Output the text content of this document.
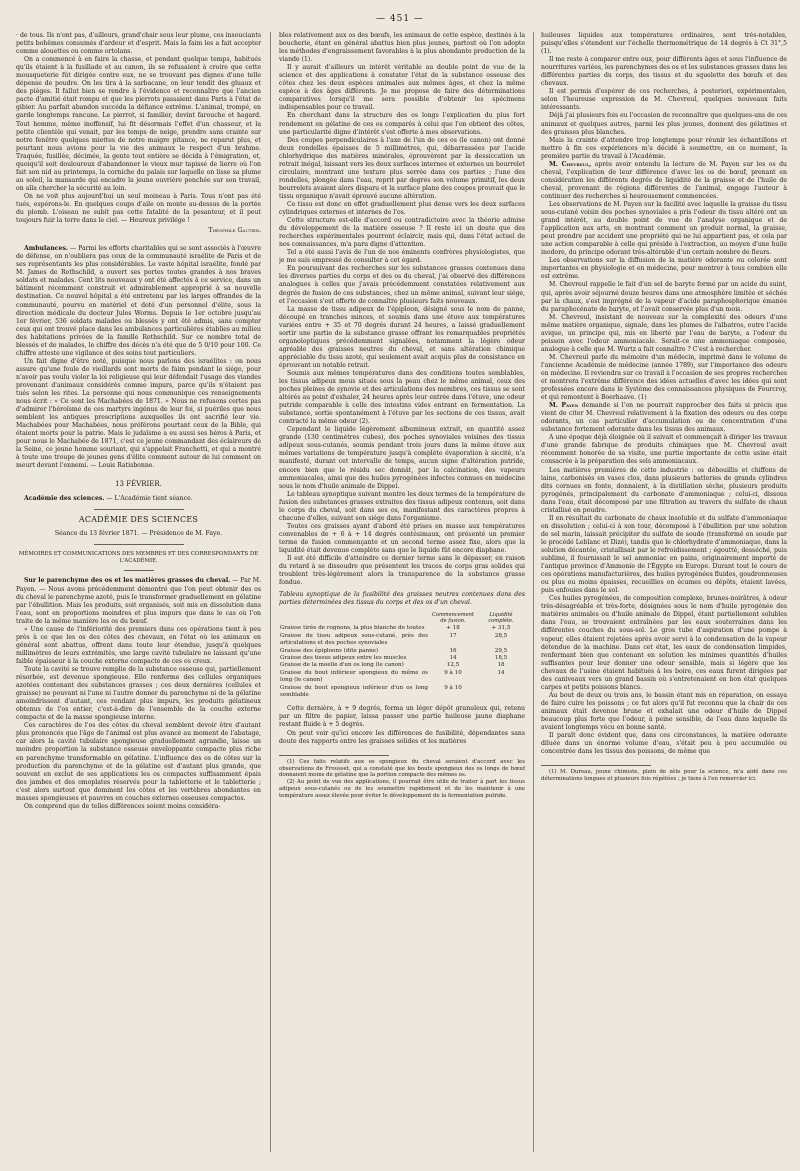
— 451 —

· de tous. Ils n'ont pas, d'ailleurs, grand'chair sous leur plume, ces insouciants petits bohêmes consumés d'ardeur et d'esprit. Mais la faim les a fait accepter comme alouettes ou comme ortolans.

On a commencé à en faire la chasse, et pendant quelque temps, habitués qu'ils étaient à la fusillade et au canon, ils se refusaient à croire que cette mousqueterie fût dirigée contre eux, ne se trouvant pas dignes d'une telle dépense de poudre. On les tira à la sarbacane, on leur tendit des gluaux et des piéges. Il fallut bien se rendre à l'évidence et reconnaître que l'ancien pacte d'amitié était rompu et que les pierrots passaient dans Paris à l'état de gibier. Au parfait abandon succéda la défiance extrême. L'animal, trompé, en garde longtemps rancune. Le pierrot, si familier, devint farouche et hagard. Tout homme, même inoffensif, lui fit désormais l'effet d'un chasseur, et la petite clientèle qui venait, par les temps de neige, prendre sans crainte sur notre fenêtre quelques miettes de notre maigre pitance, ne reparut plus, et pourtant nous avions pour la vie des animaux le respect d'un brahme. Traquée, fusillée, décimée, la gente tout entière se décida à l'émigration, et, quoiqu'il soit douloureux d'abandonner le vieux mur tapissé de lierre où l'on fait son nid au printemps, la corniche du palais sur laquelle on lisse sa plume au soleil, la mansarde qui encadre la jeune ouvrière penchée sur son travail, on alla chercher la sécurité au loin.

On ne voit plus aujourd'hui un seul moineau à Paris. Tous n'ont pas été tués, espérons-le. En quelques coups d'aile on monte au-dessus de la portée du plomb. L'oiseau ne subit pas cette fatalité de la pesanteur, et il peut toujours fuir la terre dans le ciel. — Heureux privilége !

Théophile Gautier.

Ambulances. — Parmi les efforts charitables qui se sont associés à l'œuvre de défense, on n'oubliera pas ceux de la communauté israélite de Paris et de ses représentants les plus considérables. Le vaste hôpital israélite, fondé par M. James de Rothschild, a ouvert ses portes toutes grandes à nos braves soldats et malades. Cent lits nouveaux y ont été affectés à ce service, dans un bâtiment récemment construit et admirablement approprié à sa nouvelle destination. Ce nouvel hôpital a été entretenu par les larges offrandes de la communauté, pourvu en matériel et doté d'un personnel d'élite, sous la direction médicale du docteur Jules Worms. Depuis le 1er octobre jusqu'au 1er février, 536 soldats malades ou blessés y ont été admis, sans compter ceux qui ont trouvé place dans les ambulances particulières établies au milieu des habitations privées de la famille Rothschild. Sur ce nombre total de blessés et de malades, le chiffre des décès n'a été que de 5 0/10 pour 100. Ce chiffre atteste une vigilance et des soins tout particuliers.

Un fait digne d'être noté, puisque nous parlons des israélites : on nous assure qu'une foule de vieillards sont morts de faim pendant le siége, pour n'avoir pas voulu violer la loi religieuse qui leur défendait l'usage des viandes provenant d'animaux considérés comme impurs, parce qu'ils n'étaient pas tués selon les rites. La personne qui nous communique ces renseignements nous écrit : « Ce sont les Machabées de 1871. » Nous ne refusons certes pas d'admirer l'héroïsme de ces martyrs ingénus de leur foi, si puériles que nous semblent les antiques prescriptions auxquelles ils ont sacrifié leur vie. Machabées pour Machabées, nous préférons pourtant ceux de la Bible, qui étaient morts pour la patrie. Mais le judaïsme a eu aussi ses héros à Paris, et pour nous le Machabée de 1871, c'est ce jeune commandant des éclaireurs de la Seine, ce jeune homme souriant, qui s'appelait Franchetti, et qui a montré à toute une troupe de jeunes gens d'élite comment autour de lui comment on meurt devant l'ennemi. — Louis Ratisbonne.

13 FÉVRIER.

Académie des sciences. — L'Académie tient séance.

ACADÉMIE DES SCIENCES

Séance du 13 février 1871. — Présidence de M. Faye.

MÉMOIRES ET COMMUNICATIONS DES MEMBRES ET DES CORRESPONDANTS DE L'ACADÉMIE.

Sur le parenchyme des os et les matières grasses du cheval. — Par M. Payen. — Nous avons précédemment démontré que l'on peut obtenir des os du cheval le parenchyme azoté, puis le transformer graduellement en gélatine par l'ébullition. Mais les produits, soit organisés, soit mis en dissolution dans l'eau, sont en proportions moindres et plus impurs que dans le cas où l'on traite de la même manière les os du bœuf.

« Une cause de l'infériorité des premiers dans ces opérations tient à peu près à ce que les os des côtes des chevaux, en l'état où les animaux en général sont abattus, offrent dans toute leur étendue, jusqu'à quelques millimètres de leurs extrémités, une large cavité tubulaire ne laissant qu'une faible épaisseur à la couche externe compacte de ces os creux.

Toute la cavité se trouve remplie de la substance osseuse qui, partiellement résorbée, est devenue spongieuse. Elle renferme des cellules organiques azotées contenant des substances grasses ; ces deux dernières (cellules et graisse) ne pouvant ni l'une ni l'autre donner du parenchyme ni de la gélatine amoindrissent d'autant, ces rendant plus impurs, les produits gélatineux obtenus de l'os entier, c'est-à-dire de l'ensemble de la couche externe compacte et de la masse spongieuse interne.

Ces caractères de l'os des côtes du cheval semblent devoir être d'autant plus prononcés que l'âge de l'animal est plus avancé au moment de l'abatage, car alors la cavité tubulaire spongieuse graduellement agrandie, laisse un moindre proportion la substance osseuse enveloppante compacte plus riche en parenchyme transformable en gélatine. L'influence des os de côtes sur la production du parenchyme et de la gélatine est d'autant plus grande, que souvent en exclut de ses applications les os compactes suffisamment épais des jambes et des omoplates réservés pour la tabletterie et le tabletterie ; c'est alors surtout que dominent les côtes et les vertèbres abondantes en masses spongieuses et pauvres en couches externes osseuses compactes.

On comprend que de telles différences soient moins considéra-

bles relativement aux os des bœufs, les animaux de cette espèce, destinés à la boucherie, étant en général abattus bien plus jeunes, partout où l'on adopte les méthodes d'engraissement favorables à la plus abondante production de la viande (1).

Il y aurait d'ailleurs un intérêt véritable au double point de vue de la science et des applications à constater l'état de la substance osseuse des côtes chez les deux espèces animales aux mêmes âges, et chez la même espèce à des âges différents. Je me propose de faire des déterminations comparatives lorsqu'il me sera possible d'obtenir les spécimens indispensables pour ce travail.

En cherchant dans la structure des os longs l'explication du plus fort rendement en gélatine de ces os comparés à celui que l'on obtient des côtes, une particularité digne d'intérêt s'est offerte à mes observations.

Des coupes perpendiculaires à l'axe de l'un de ces os (le canon) ont donné deux rondelles épaisses de 5 millimètres, qui, débarrassées par l'acide chlorhydrique des matières minérales, éprouvèrent par la dessiccation un retrait inégal, laissant vers les deux surfaces internes et externes un bourrelet circulaire, montrant une texture plus serrée dans ces parties ; l'une des rondelles, plongée dans l'eau, reprit par degrés son volume primitif, les deux bourrelets avaient alors disparu et la surface plane des coupes prouvait que le tissu organique n'avait éprouvé aucune altération.

Ce tissu est donc en effet graduellement plus dense vers les deux surfaces cylindriques externes et internes de l'os.

Cette structure est-elle d'accord ou contradictoire avec la théorie admise du développement de la matière osseuse ? Il reste ici un doute que des recherches expérimentales pourront éclaircir, mais qui, dans l'état actuel de nos connaissances, m'a paru digne d'attention.

Tel a été aussi l'avis de l'un de nos éminents confrères physiologistes, que je me suis empressé de consulter à cet égard.

En poursuivant des recherches sur les substances grasses contenues dans les diverses parties du corps et des os du cheval, j'ai observé des différences analogues à celles que j'avais précédemment constatées relativement aux degrés de fusion de ces substances, chez un même animal, suivant leur siége, et l'occasion s'est offerte de connaître plusieurs faits nouveaux.

La masse de tissu adipeux de l'épiploon, désigné sous le nom de panne, découpé en tranches minces, et soumis dans une étuve aux températures variées entre + 35 et 70 degrés durant 24 heures, a laissé graduellement sortir une partie de la substance grasse offrant les remarquables propriétés organoleptiques précédemment signalées, notamment la légère odeur agréable des graisses neutres du cheval, et sans altération chimique appréciable du tissu azoté, qui seulement avait acquis plus de consistance en éprouvant un notable retrait.

Soumis aux mêmes températures dans des conditions toutes semblables, les tissus adipeux mous situés sous la peau chez le même animal, ceux des poches pleines de synovie et des articulations des membres, ces tissus se sont altérés au point d'exhaler, 24 heures après leur entrée dans l'étuve, une odeur putride comparable à celle des intestins vides entrant en fermentation. La substance, sortie spontanément à l'étuve par les sections de ces tissus, avait contracté la même odeur (2).

Cependant le liquide légèrement albumineux extrait, en quantité assez grande (130 centimètres cubes), des poches synoviales voisines des tissus adipeux sous-cutanés, soumis pendant trois jours dans la même étuve aux mêmes variations de température jusqu'à complète évaporation à siccité, n'a manifesté, durant cet intervalle de temps, aucun signe d'altération putride, encore bien que le résidu sec donnât, par la calcination, des vapeurs ammoniacales, ainsi que des huiles pyrogénées infectes connues en médecine sous le nom d'huile animale de Dippel.

Le tableau synoptique suivant montre les deux termes de la température de fusion des substances grasses extraites des tissus adipeux contenus, soit dans le corps du cheval, soit dans ses os, manifestant des caractères propres à chacune d'elles, suivant son siége dans l'organisme.

Toutes ces graisses ayant d'abord été prises en masse aux températures convenables de + 6 à + 14 degrés centésimaux, ont présenté un premier terme de fusion commençante et un second terme assez fixe, alors que la liquidité était devenue complète sans que le liquide fût encore diaphane.

Il est été difficile d'atteindre ce dernier terme sans le dépasser, en raison du retard à se dissoudre que présentent les traces de corps gras solides qui troublent très-légèrement alors la transparence de la substance grasse fondue.

Tableau synoptique de la fusibilité des graisses neutres contenues dans des parties déterminées des tissus du corps et des os d'un cheval.

	Commencement de fusion.	Liquidité complète.
Graisse tirée de rognons, la plus blanche de toutes	+ 18	+ 31,5
Graisse du tissu adipeux sous-cutané, près des articulations et des poches synoviales	17	28,5
Graisse des épiploons (dite panne)	16	29,5
Graisse des tissus adipeux entre les muscles	14	18,5
Graisse de la moelle d'un os long (le canon)	12,5	18
Graisse du bout inférieur spongieux du même os long (le canon)	9 à 10	14
Graisse du bout spongieux inférieur d'un os long semblable	9 à 10	

Cette dernière, à + 9 degrés, forma un léger dépôt granuleux qui, retenu par un filtre de papier, laissa passer une partie huileuse jaune diaphane restant fluide à + 5 degrés.

On peut voir qu'ici encore les différences de fusibilité, dépendantes sans doute des rapports entre les graisses solides et les matières

(1) Ces faits relatifs aux os spongieux du cheval seraient d'accord avec les observations de Frousset, qui a constaté que les bouts spongieux des os longs de bœuf donnaient moins de gélatine que la portion compacte des mêmes os.

(2) Au point de vue des applications, il pourrait être utile de traiter à part les tissus adipeux sous-cutanés ou de les soumettre rapidement et de les maintenir à une température assez élevée pour éviter le développement de la fermentation putride.

huileuses liquides aux températures ordinaires, sont très-notables, puisqu'elles s'étendent sur l'échelle thermométrique de 14 degrés à Ct 31°,5 (1).

Il me reste à comparer entre eux, pour différents âges et sous l'influence de nourritures variées, les parenchymes des os et les substances grasses dans les différentes parties du corps, des tissus et du squelette des bœufs et des chevaux.

Il est permis d'espérer de ces recherches, à posteriori, expérimentales, selon l'heureuse expression de M. Chevreul, quelques nouveaux faits intéressants.

Déjà j'ai plusieurs fois eu l'occasion de reconnaître que quelques-uns de ces animaux et quelques autres, parmi les plus jeunes, donnent des gélatines et des graisses plus blanches.

Mais la crainte d'attendre trop longtemps pour réunir les échantillons et mettre à fin ces expériences m'a décidé à soumettre, en ce moment, la première partie du travail à l'Académie.

M. Chevreul, après avoir entendu la lecture de M. Payen sur les os du cheval, l'explication de leur différence d'avec les os de bœuf, prenant en considération les différents degrés de liquidité de la graisse et de l'huile de cheval, provenant de régions différentes de l'animal, engage l'auteur à continuer des recherches si heureusement commencées.

Les observations de M. Payen sur la facilité avec laquelle la graisse du tissu sous-cutané voisin des poches synoviales a pris l'odeur du tissu altéré ont un grand intérêt, au double point de vue de l'analyse organique et de l'application aux arts, en montrant comment un produit normal, la graisse, peut prendre par accident une propriété qui ne lui appartient pas, et cela par une action comparable à celle qui préside à l'extraction, au moyen d'une huile inodore, du principe odorant très-altérable d'un certain nombre de fleurs.

Les observations sur la diffusion de la matière odorante ou colorée sont importantes en physiologie et en médecine, pour montrer à tous combien elle est extrême.

M. Chevreul rappelle le fait d'un sel de baryte formé par un acide du suint, qui, après avoir séjourné douze heures dans une atmosphère limitée et séchée par la chaux, s'est imprégné de la vapeur d'acide paraphosphorique émanée du paraphocénate de baryte, et l'avait conservée plus d'un mois.

M. Chevreul, insistant de nouveau sur la complexité des odeurs d'une même matière organique, signale, dans les plumes de l'albatros, outre l'acide avique, un principe qui, mis en liberté par l'eau de baryte, a l'odeur du poisson avec l'odeur ammoniacale. Serait-ce une ammoniaque composée, analogue à celle que M. Wurtz a fait connaître ? C'est à rechercher.

M. Chevreul parle du mémoire d'un médecin, imprimé dans le volume de l'ancienne Académie de médecine (année 1789), sur l'importance des odeurs en médecine. Il reviendra sur ce travail à l'occasion de ses propres recherches et montrera l'extrême différence des idées actuelles d'avec les idées qui sont professées encore dans le Système des connaissances physiques de Fourcroy, et qui remontent à Boerhaave. (1)

M. Payen demande si l'on ne pourrait rapprocher des faits si précis que vient de citer M. Chevreul relativement à la fixation des odeurs ou des corps odorants, un cas particulier d'accumulation ou de concentration d'une substance fortement odorante dans les tissus des animaux.

A une époque déjà éloignée où il suivait et commençait à diriger les travaux d'une grande fabrique de produits chimiques que M. Chevreul avait récemment honorée de sa visite, une partie importante de cette usine était consacrée à la préparation des sels ammoniacaux.

Les matières premières de cette industrie : os débouillis et chiffons de laine, carbonisés en vases clos, dans plusieurs batteries de grands cylindres dits cornues en fonte, donnaient, à la distillation sèche, plusieurs produits pyrogénés, principalement du carbonate d'ammoniaque ; celui-ci, dissous dans l'eau, était décomposé par une filtration au travers du sulfate de chaux cristallisé en poudre.

Il en résultait du carbonate de chaux insoluble et du sulfate d'ammoniaque en dissolution ; celui-ci à son tour, décomposé à l'ébullition par une solution de sel marin, laissait précipiter du sulfate de soude (transformé en soude par le procédé Leblanc et Dizé), tandis que le chlorhydrate d'ammoniaque, dans la solution décantée, cristallisait par le refroidissement ; égoutté, desséché, puis sublimé, il fournissait le sel ammoniac en pains, originairement importé de l'antique province d'Ammonie de l'Égypte en Europe. Durant tout le cours de ces opérations manufacturières, des huiles pyrogénées fluides, goudronneuses ou plus ou moins épaisses, recueillies en écumes ou dépôts, étaient lavées, puis enfouies dans le sol.

Ces huiles pyrogénées, de composition complexe, brunes-noirâtres, à odeur très-désagréable et très-forte, désignées sous le nom d'huile pyrogénée des matières animales ou d'huile animale de Dippel, étant partiellement solubles dans l'eau, se trouvaient entraînées par les eaux souterraines dans les différentes couches du sous-sol. Le gros tube d'aspiration d'une pompe à vapeur, elles étaient rejetées après avoir servi à la condensation de la vapeur détendue de la machine. Dans cet état, les eaux de condensation limpides, renfermant bien que contenant en solution les minimes quantités d'huiles suffisantes pour leur donner une odeur sensible, mais si légère que les chevaux de l'usine étaient habitués à les boire, ces eaux furent dirigées par des caniveaux vers un grand bassin où s'entretenaient en bon état quelques carpes et petits poissons blancs.

Au bout de deux ou trois ans, le bassin étant mis en réparation, on essaya de faire cuire les poissons ; ce fut alors qu'il fut reconnu que la chair de ces animaux était devenue brune et exhalait une odeur d'huile de Dippel beaucoup plus forte que l'odeur, à peine sensible, de l'eau dans laquelle ils avaient longtemps vécu en bonne santé.

Il paraît donc évident que, dans ces circonstances, la matière odorante diluée dans un énorme volume d'eau, s'était peu à peu accumulée ou concentrée dans les tissus des poissons, de même que

(1) M. Dureau, jeune chimiste, plein de zèle pour la science, m'a aidé dans ces déterminations longues et plusieurs fois répétées ; je tiens à l'en remercier ici.
